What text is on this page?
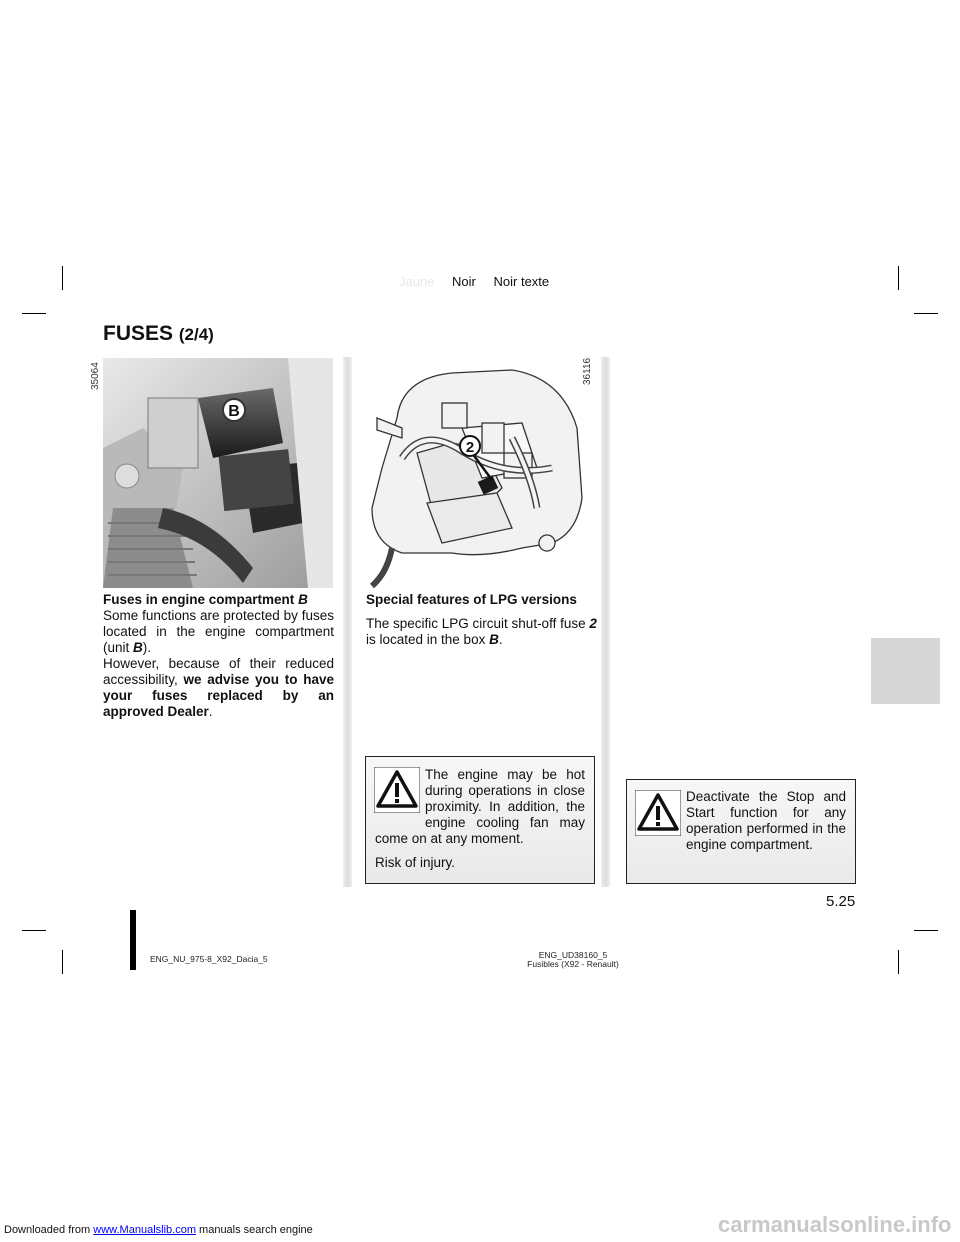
Jaune Noir Noir texte
FUSES (2/4)
B
35064
Fuses in engine compartment B
Some functions are protected by fuses located in the engine compartment (unit B).
However, because of their reduced accessibility, we advise you to have your fuses replaced by an approved Dealer.
2
36116
Special features of LPG versions
The specific LPG circuit shut-off fuse 2 is located in the box B.
The engine may be hot during operations in close proximity. In addition, the engine cooling fan may come on at any moment.
Risk of injury.
Deactivate the Stop and Start function for any operation performed in the engine compartment.
5.25
ENG_NU_975-8_X92_Dacia_5	ENG_UD38160_5
Fusibles (X92 - Renault)
Downloaded from www.Manualslib.com manuals search engine	carmanualsonline.info
